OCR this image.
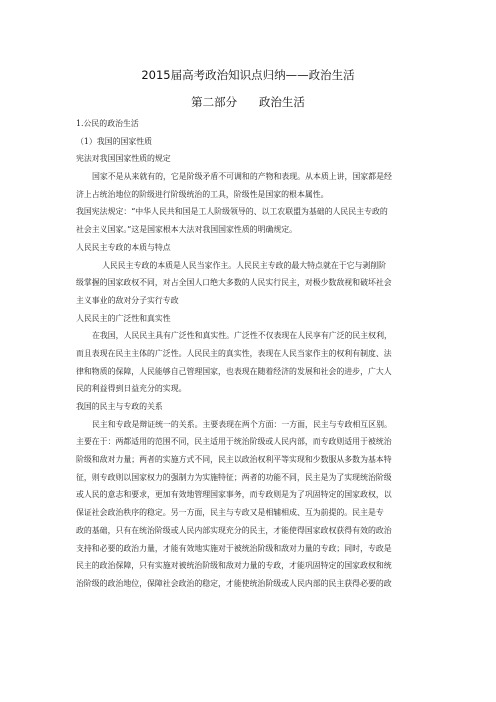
2015届高考政治知识点归纳——政治生活
第二部分 政治生活
1.公民的政治生活
（1）我国的国家性质
宪法对我国国家性质的规定
国家不是从来就有的，它是阶级矛盾不可调和的产物和表现。从本质上讲，国家都是经
济上占统治地位的阶级进行阶级统治的工具，阶级性是国家的根本属性。
我国宪法规定：“中华人民共和国是工人阶级领导的、以工农联盟为基础的人民民主专政的
社会主义国家。”这是国家根本大法对我国国家性质的明确规定。
人民民主专政的本质与特点
人民民主专政的本质是人民当家作主。人民民主专政的最大特点就在于它与剥削阶
级掌握的国家政权不同，对占全国人口绝大多数的人民实行民主，对极少数敌视和破坏社会
主义事业的敌对分子实行专政
人民民主的广泛性和真实性
在我国，人民民主具有广泛性和真实性。广泛性不仅表现在人民享有广泛的民主权利，
而且表现在民主主体的广泛性。人民民主的真实性，表现在人民当家作主的权利有制度、法
律和物质的保障，人民能够自己管理国家，也表现在随着经济的发展和社会的进步，广大人
民的利益得到日益充分的实现。
我国的民主与专政的关系
民主和专政是辩证统一的关系。主要表现在两个方面：一方面，民主与专政相互区别。
主要在于：两都适用的范围不同，民主适用于统治阶级或人民内部，而专政则适用于被统治
阶级和敌对力量；两者的实施方式不同，民主以政治权利平等实现和少数服从多数为基本特
征，则专政则以国家权力的强制力为实施特征；两者的功能不同，民主是为了实现统治阶级
或人民的意志和要求，更加有效地管理国家事务，而专政则是为了巩固特定的国家政权，以
保证社会政治秩序的稳定。另一方面，民主与专政又是相辅相成、互为前提的。民主是专
政的基础，只有在统治阶级或人民内部实现充分的民主，才能使得国家政权获得有效的政治
支持和必要的政治力量，才能有效地实施对于被统治阶级和敌对力量的专政；同时，专政是
民主的政治保障，只有实施对被统治阶级和敌对力量的专政，才能巩固特定的国家政权和统
治阶级的政治地位，保障社会政治的稳定，才能使统治阶级或人民内部的民主获得必要的政
